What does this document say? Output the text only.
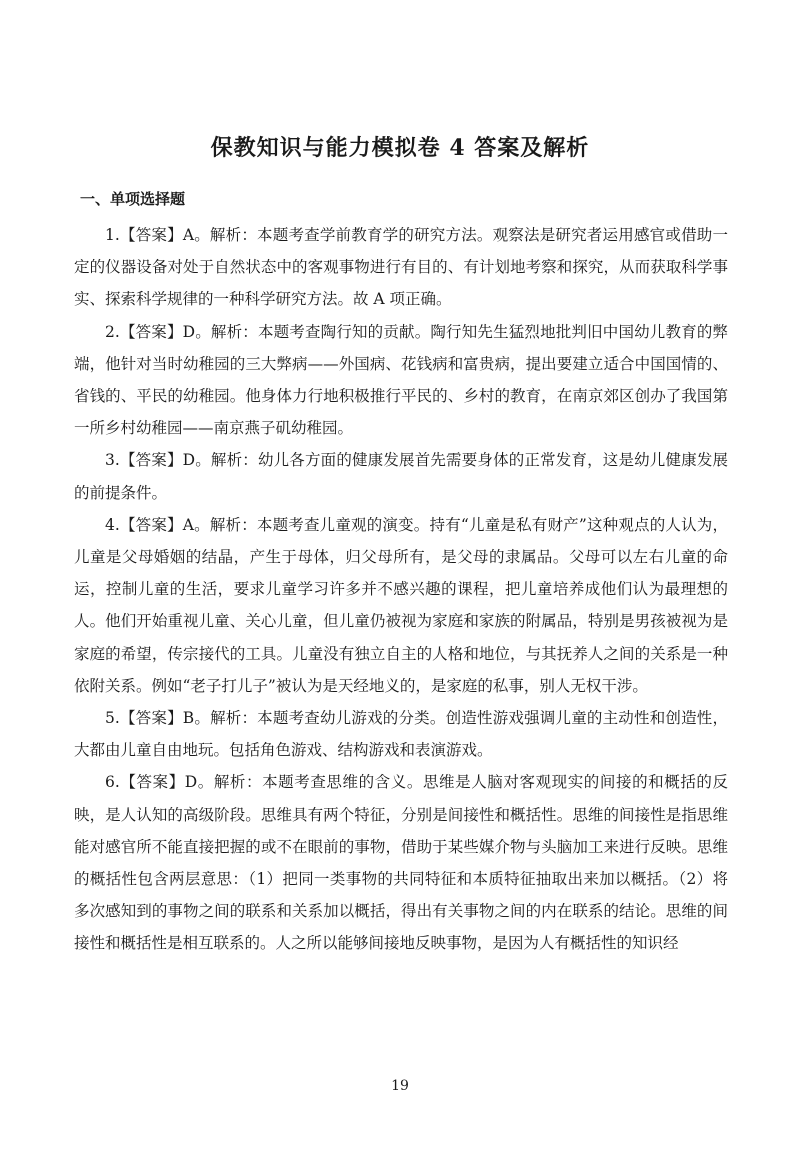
保教知识与能力模拟卷 4 答案及解析
一、单项选择题

1.【答案】A。解析：本题考查学前教育学的研究方法。观察法是研究者运用感官或借助一定的仪器设备对处于自然状态中的客观事物进行有目的、有计划地考察和探究，从而获取科学事实、探索科学规律的一种科学研究方法。故 A 项正确。

2.【答案】D。解析：本题考查陶行知的贡献。陶行知先生猛烈地批判旧中国幼儿教育的弊端，他针对当时幼稚园的三大弊病——外国病、花钱病和富贵病，提出要建立适合中国国情的、省钱的、平民的幼稚园。他身体力行地积极推行平民的、乡村的教育，在南京郊区创办了我国第一所乡村幼稚园——南京燕子矶幼稚园。

3.【答案】D。解析：幼儿各方面的健康发展首先需要身体的正常发育，这是幼儿健康发展的前提条件。

4.【答案】A。解析：本题考查儿童观的演变。持有“儿童是私有财产”这种观点的人认为，儿童是父母婚姻的结晶，产生于母体，归父母所有，是父母的隶属品。父母可以左右儿童的命运，控制儿童的生活，要求儿童学习许多并不感兴趣的课程，把儿童培养成他们认为最理想的人。他们开始重视儿童、关心儿童，但儿童仍被视为家庭和家族的附属品，特别是男孩被视为是家庭的希望，传宗接代的工具。儿童没有独立自主的人格和地位，与其抚养人之间的关系是一种依附关系。例如“老子打儿子”被认为是天经地义的，是家庭的私事，别人无权干涉。

5.【答案】B。解析：本题考查幼儿游戏的分类。创造性游戏强调儿童的主动性和创造性，大都由儿童自由地玩。包括角色游戏、结构游戏和表演游戏。

6.【答案】D。解析：本题考查思维的含义。思维是人脑对客观现实的间接的和概括的反映，是人认知的高级阶段。思维具有两个特征，分别是间接性和概括性。思维的间接性是指思维能对感官所不能直接把握的或不在眼前的事物，借助于某些媒介物与头脑加工来进行反映。思维的概括性包含两层意思：（1）把同一类事物的共同特征和本质特征抽取出来加以概括。（2）将多次感知到的事物之间的联系和关系加以概括，得出有关事物之间的内在联系的结论。思维的间接性和概括性是相互联系的。人之所以能够间接地反映事物，是因为人有概括性的知识经

19
